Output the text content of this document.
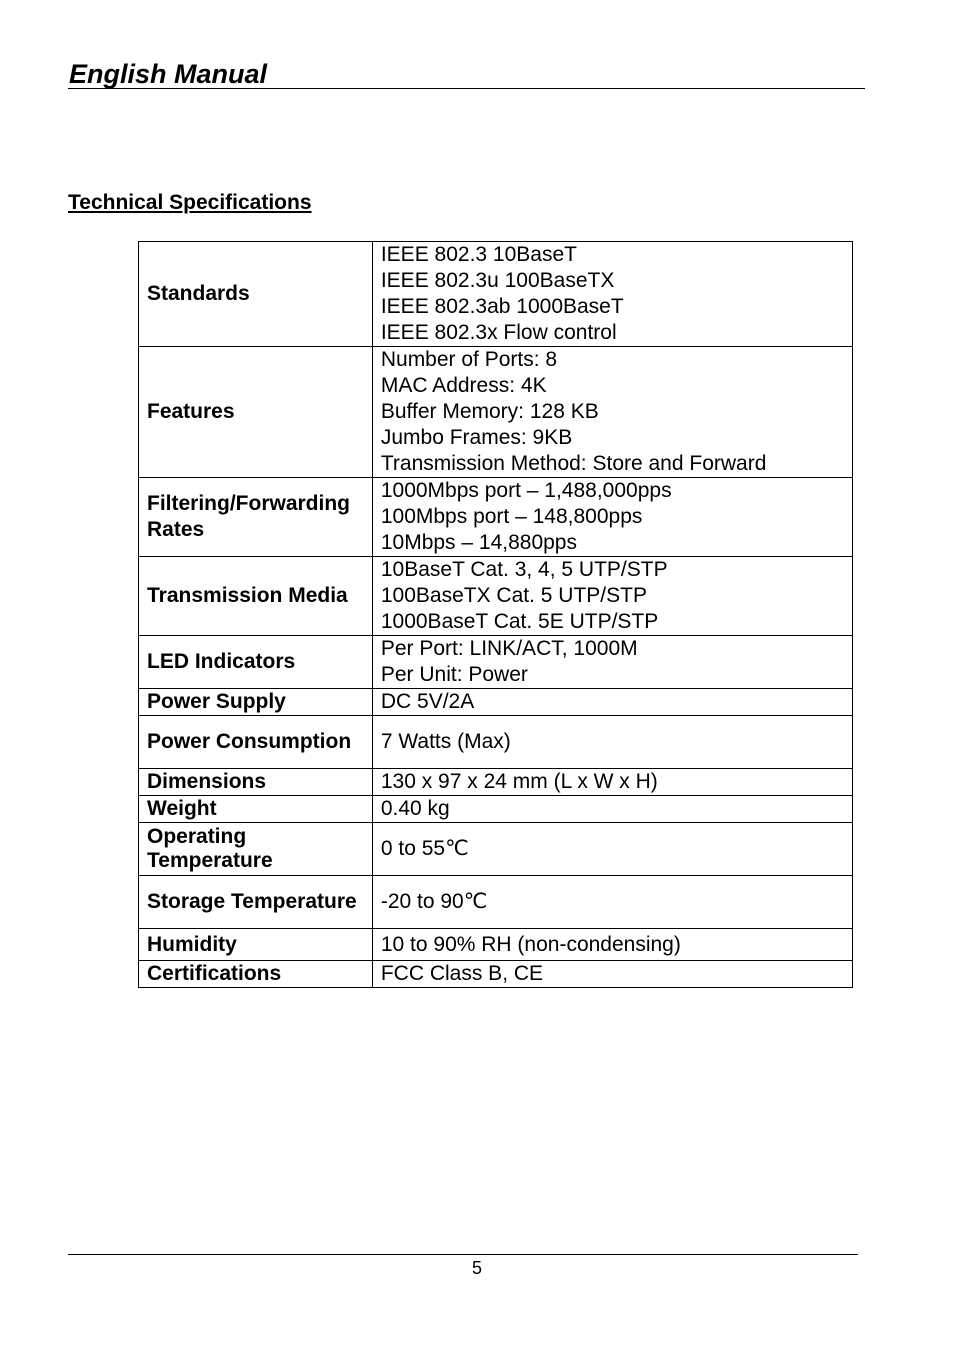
English Manual
Technical Specifications
Standards	IEEE 802.3 10BaseT
IEEE 802.3u 100BaseTX
IEEE 802.3ab 1000BaseT
IEEE 802.3x Flow control

Features	Number of Ports: 8
MAC Address: 4K
Buffer Memory: 128 KB
Jumbo Frames: 9KB
Transmission Method: Store and Forward

Filtering/Forwarding Rates	1000Mbps port – 1,488,000pps
100Mbps port – 148,800pps
10Mbps – 14,880pps

Transmission Media	10BaseT Cat. 3, 4, 5 UTP/STP
100BaseTX Cat. 5 UTP/STP
1000BaseT Cat. 5E UTP/STP

LED Indicators	Per Port: LINK/ACT, 1000M
Per Unit: Power

Power Supply	DC 5V/2A

Power Consumption	7 Watts (Max)

Dimensions	130 x 97 x 24 mm (L x W x H)

Weight	0.40 kg

Operating Temperature	0 to 55℃

Storage Temperature	-20 to 90℃

Humidity	10 to 90% RH (non-condensing)

Certifications	FCC Class B, CE
5
